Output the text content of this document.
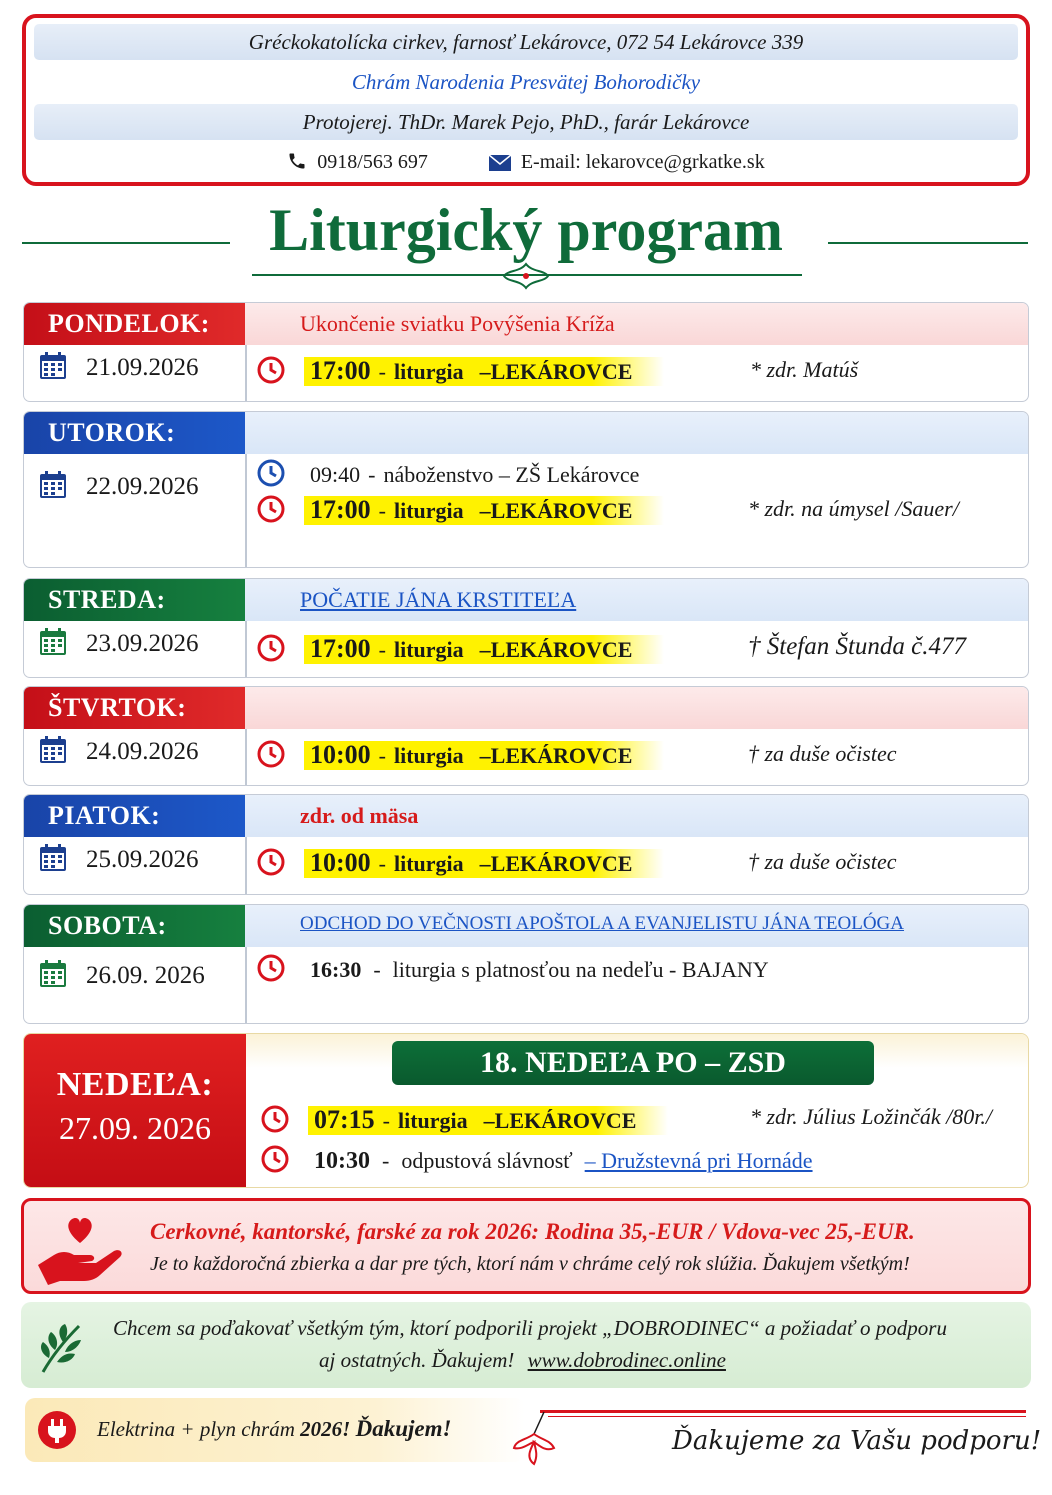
Gréckokatolícka cirkev, farnosť Lekárovce, 072 54 Lekárovce 339
Chrám Narodenia Presvätej Bohorodičky
Protojerej. ThDr. Marek Pejo, PhD., farár Lekárovce
0918/563 697	E-mail: lekarovce@grkatke.sk
Liturgický program
PONDELOK:	Ukončenie sviatku Povýšenia Kríža
21.09.2026	17:00 - liturgia –LEKÁROVCE	* zdr. Matúš
UTOROK:
22.09.2026	09:40 - náboženstvo – ZŠ Lekárovce
17:00 - liturgia –LEKÁROVCE	* zdr. na úmysel /Sauer/
STREDA:	POČATIE JÁNA KRSTITEĽA
23.09.2026	17:00 - liturgia –LEKÁROVCE	† Štefan Štunda č.477
ŠTVRTOK:
24.09.2026	10:00 - liturgia –LEKÁROVCE	† za duše očistec
PIATOK:	zdr. od mäsa
25.09.2026	10:00 - liturgia –LEKÁROVCE	† za duše očistec
SOBOTA:	ODCHOD DO VEČNOSTI APOŠTOLA A EVANJELISTU JÁNA TEOLÓGA
26.09. 2026	16:30 - liturgia s platnosťou na nedeľu - BAJANY
NEDEĽA:
27.09. 2026
18. NEDEĽA PO – ZSD
07:15 - liturgia –LEKÁROVCE	* zdr. Július Ložinčák /80r./
10:30 - odpustová slávnosť – Družstevná pri Hornáde
Cerkovné, kantorské, farské za rok 2026: Rodina 35,-EUR / Vdova-vec 25,-EUR.
Je to každoročná zbierka a dar pre tých, ktorí nám v chráme celý rok slúžia. Ďakujem všetkým!
Chcem sa poďakovať všetkým tým, ktorí podporili projekt „DOBRODINEC“ a požiadať o podporu
aj ostatných. Ďakujem! www.dobrodinec.online
Elektrina + plyn chrám 2026! Ďakujem!	Ďakujeme za Vašu podporu!
